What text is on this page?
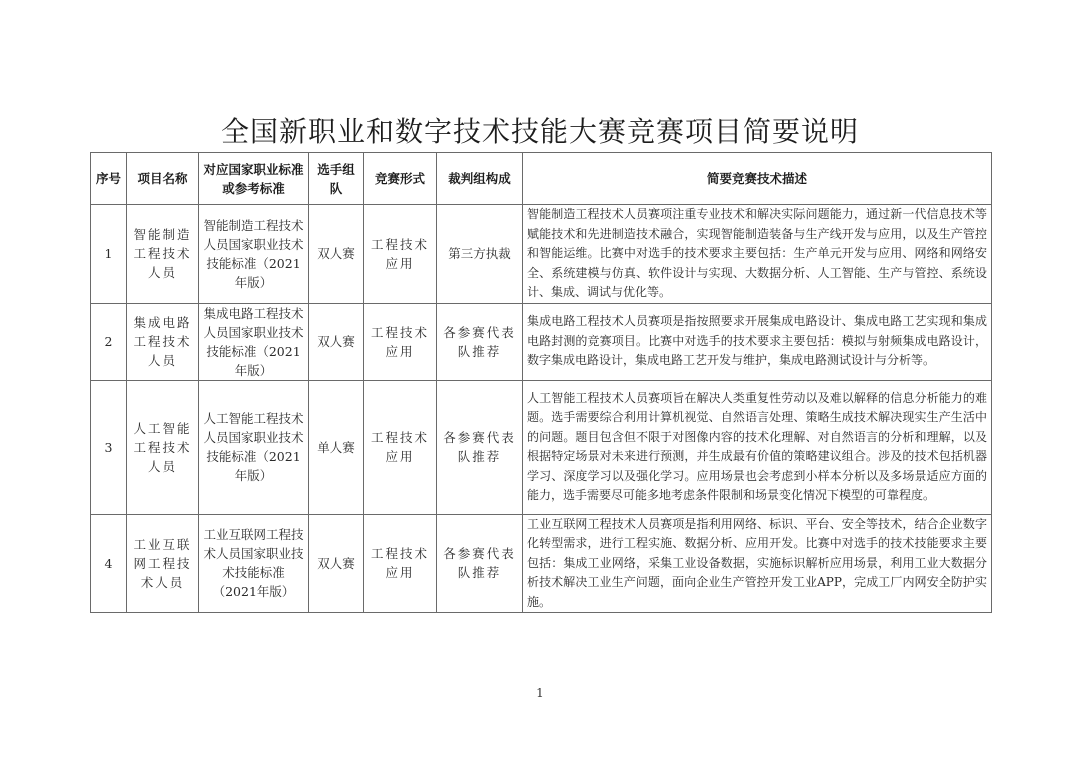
全国新职业和数字技术技能大赛竞赛项目简要说明
序号	项目名称	对应国家职业标准或参考标准	选手组队	竞赛形式	裁判组构成	简要竞赛技术描述
1	智能制造工程技术人员	智能制造工程技术人员国家职业技术技能标准（2021年版）	双人赛	工程技术应用	第三方执裁	智能制造工程技术人员赛项注重专业技术和解决实际问题能力，通过新一代信息技术等赋能技术和先进制造技术融合，实现智能制造装备与生产线开发与应用，以及生产管控和智能运维。比赛中对选手的技术要求主要包括：生产单元开发与应用、网络和网络安全、系统建模与仿真、软件设计与实现、大数据分析、人工智能、生产与管控、系统设计、集成、调试与优化等。
2	集成电路工程技术人员	集成电路工程技术人员国家职业技术技能标准（2021年版）	双人赛	工程技术应用	各参赛代表队推荐	集成电路工程技术人员赛项是指按照要求开展集成电路设计、集成电路工艺实现和集成电路封测的竞赛项目。比赛中对选手的技术要求主要包括：模拟与射频集成电路设计，数字集成电路设计，集成电路工艺开发与维护，集成电路测试设计与分析等。
3	人工智能工程技术人员	人工智能工程技术人员国家职业技术技能标准（2021年版）	单人赛	工程技术应用	各参赛代表队推荐	人工智能工程技术人员赛项旨在解决人类重复性劳动以及难以解释的信息分析能力的难题。选手需要综合利用计算机视觉、自然语言处理、策略生成技术解决现实生产生活中的问题。题目包含但不限于对图像内容的技术化理解、对自然语言的分析和理解，以及根据特定场景对未来进行预测，并生成最有价值的策略建议组合。涉及的技术包括机器学习、深度学习以及强化学习。应用场景也会考虑到小样本分析以及多场景适应方面的能力，选手需要尽可能多地考虑条件限制和场景变化情况下模型的可靠程度。
4	工业互联网工程技术人员	工业互联网工程技术人员国家职业技术技能标准（2021年版）	双人赛	工程技术应用	各参赛代表队推荐	工业互联网工程技术人员赛项是指利用网络、标识、平台、安全等技术，结合企业数字化转型需求，进行工程实施、数据分析、应用开发。比赛中对选手的技术技能要求主要包括：集成工业网络，采集工业设备数据，实施标识解析应用场景，利用工业大数据分析技术解决工业生产问题，面向企业生产管控开发工业APP，完成工厂内网安全防护实施。
1
